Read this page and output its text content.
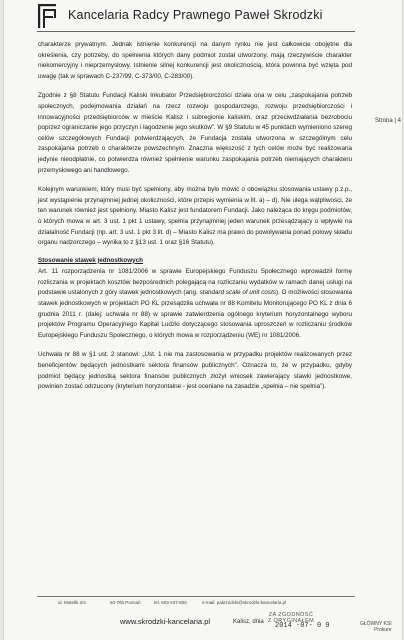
Kancelaria Radcy Prawnego Paweł Skrodzki
Strona | 4

charakterze prywatnym. Jednak istnienie konkurencji na danym rynku nie jest całkowicie obojętne dla określenia, czy potrzeby, do spełnienia których dany podmiot został utworzony, mają rzeczywiście charakter niekomercyjny i nieprzemysłowy. Istnienie silnej konkurencji jest okolicznością, która powinna być wzięta pod uwagę (tak w sprawach C-237/99, C-373/00, C-283/00).

Zgodnie z §8 Statutu Fundacji Kaliski Inkubator Przedsiębiorczości działa ona w celu „zaspokajania potrzeb społecznych, podejmowania działań na rzecz rozwoju gospodarczego, rozwoju przedsiębiorczości i innowacyjności przedsiębiorców w mieście Kalisz i subregionie kaliskim, oraz przeciwdziałania bezrobociu poprzez ograniczanie jego przyczyn i łagodzenie jego skutków”. W §9 Statutu w 45 punktach wymieniono szereg celów szczegółowych Fundacji potwierdzających, że Fundacja została utworzona w szczególnym celu zaspokajania potrzeb o charakterze powszechnym. Znaczna większość z tych celów może być realizowana jedynie nieodpłatnie, co potwierdza również spełnienie warunku zaspokajania potrzeb niemających charakteru przemysłowego ani handlowego.

Kolejnym warunkiem, który musi być spełniony, aby można było mówić o obowiązku stosowania ustawy p.z.p., jest wystąpienie przynajmniej jednej okoliczności, które przepis wymienia w lit. a) – d). Nie ulega wątpliwości, że ten warunek również jest spełniony. Miasto Kalisz jest fundatorem Fundacji. Jako należąca do kręgu podmiotów, o których mowa w art. 3 ust. 1 pkt 1 ustawy, spełnia przynajmniej jeden warunek przesądzający o wpływie na działalność Fundacji (np. art. 3 ust. 1 pkt 3 lit. d) – Miasto Kalisz ma prawo do powoływania ponad połowy składu organu nadzorczego – wynika to z §13 ust. 1 oraz §16 Statutu).

Stosowanie stawek jednostkowych

Art. 11 rozporządzenia nr 1081/2006 w sprawie Europejskiego Funduszu Społecznego wprowadził formę rozliczania w projektach kosztów bezpośrednich polegającą na rozliczaniu wydatków w ramach danej usługi na podstawie ustalonych z góry stawek jednostkowych (ang. standard scale of unit costs). O możliwości stosowania stawek jednostkowych w projektach PO KL przesądziła uchwała nr 88 Komitetu Monitorującego PO KL z dnia 6 grudnia 2011 r. (dalej: uchwała nr 88) w sprawie zatwierdzenia ogólnego kryterium horyzontalnego wyboru projektów Programu Operacyjnego Kapitał Ludzki dotyczącego stosowania uproszczeń w rozliczaniu środków Europejskiego Funduszu Społecznego, o których mowa w rozporządzeniu (WE) nr 1081/2006.

Uchwała nr 88 w §1 ust. 2 stanowi: „Ust. 1 nie ma zastosowania w przypadku projektów realizowanych przez beneficjentów będących jednostkami sektora finansów publicznych”. Oznacza to, że w przypadku, gdyby podmiot będący jednostką sektora finansów publicznych złożył wniosek zawierający stawki jednostkowe, powinien zostać odrzucony (kryterium horyzontalne - jest oceniane na zasadzie „spełnia – nie spełnia”).

ul. Motelik 2/4	60-766 Poznań	tel. 603-237-600	e-mail: pakrzodzki@skrodzki-kancelaria.pl
www.skrodzki-kancelaria.pl	Kalisz, dnia
ZA ZGODNOŚĆ
Z ORYGINAŁEM
2014 -07- 0 9	GŁÓWNY KSI
Prokure
